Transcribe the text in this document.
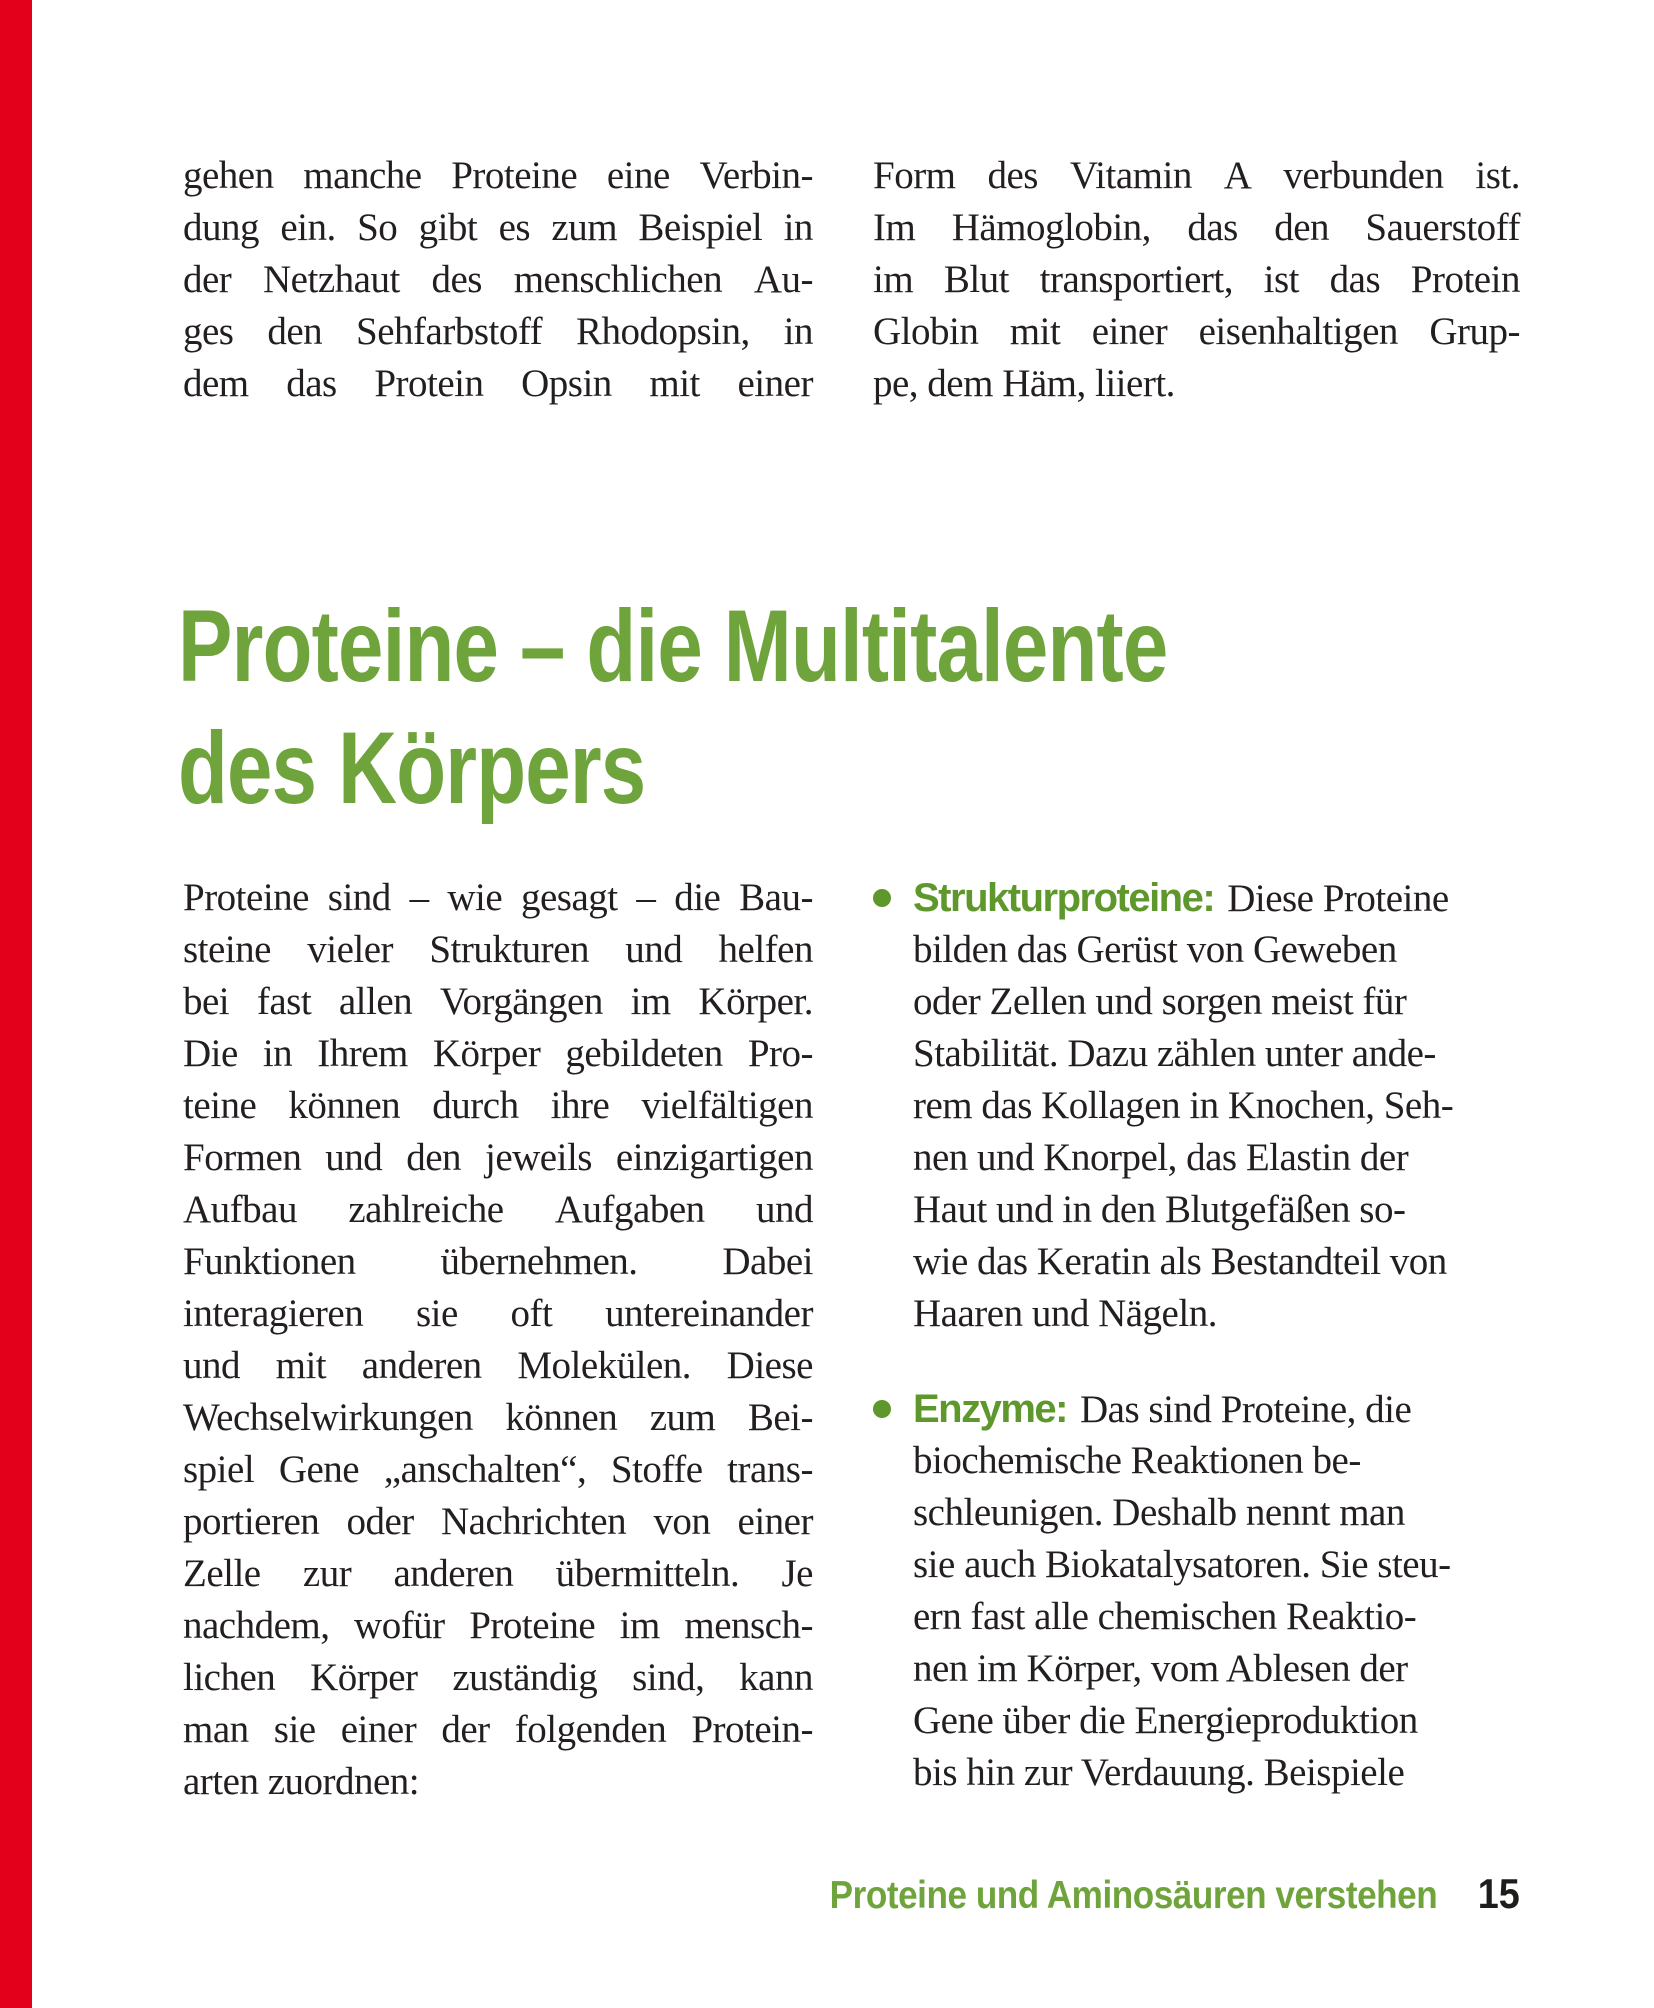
gehen manche Proteine eine Verbin-
dung ein. So gibt es zum Beispiel in
der Netzhaut des menschlichen Au-
ges den Sehfarbstoff Rhodopsin, in
dem das Protein Opsin mit einer
Form des Vitamin A verbunden ist.
Im Hämoglobin, das den Sauerstoff
im Blut transportiert, ist das Protein
Globin mit einer eisenhaltigen Grup-
pe, dem Häm, liiert.
Proteine – die Multitalente
des Körpers
Proteine sind – wie gesagt – die Bau-
steine vieler Strukturen und helfen
bei fast allen Vorgängen im Körper.
Die in Ihrem Körper gebildeten Pro-
teine können durch ihre vielfältigen
Formen und den jeweils einzigartigen
Aufbau zahlreiche Aufgaben und
Funktionen übernehmen. Dabei
interagieren sie oft untereinander
und mit anderen Molekülen. Diese
Wechselwirkungen können zum Bei-
spiel Gene „anschalten“, Stoffe trans-
portieren oder Nachrichten von einer
Zelle zur anderen übermitteln. Je
nachdem, wofür Proteine im mensch-
lichen Körper zuständig sind, kann
man sie einer der folgenden Protein-
arten zuordnen:
Strukturproteine: Diese Proteine
bilden das Gerüst von Geweben
oder Zellen und sorgen meist für
Stabilität. Dazu zählen unter ande-
rem das Kollagen in Knochen, Seh-
nen und Knorpel, das Elastin der
Haut und in den Blutgefäßen so-
wie das Keratin als Bestandteil von
Haaren und Nägeln.
Enzyme: Das sind Proteine, die
biochemische Reaktionen be-
schleunigen. Deshalb nennt man
sie auch Biokatalysatoren. Sie steu-
ern fast alle chemischen Reaktio-
nen im Körper, vom Ablesen der
Gene über die Energieproduktion
bis hin zur Verdauung. Beispiele
Proteine und Aminosäuren verstehen 15
